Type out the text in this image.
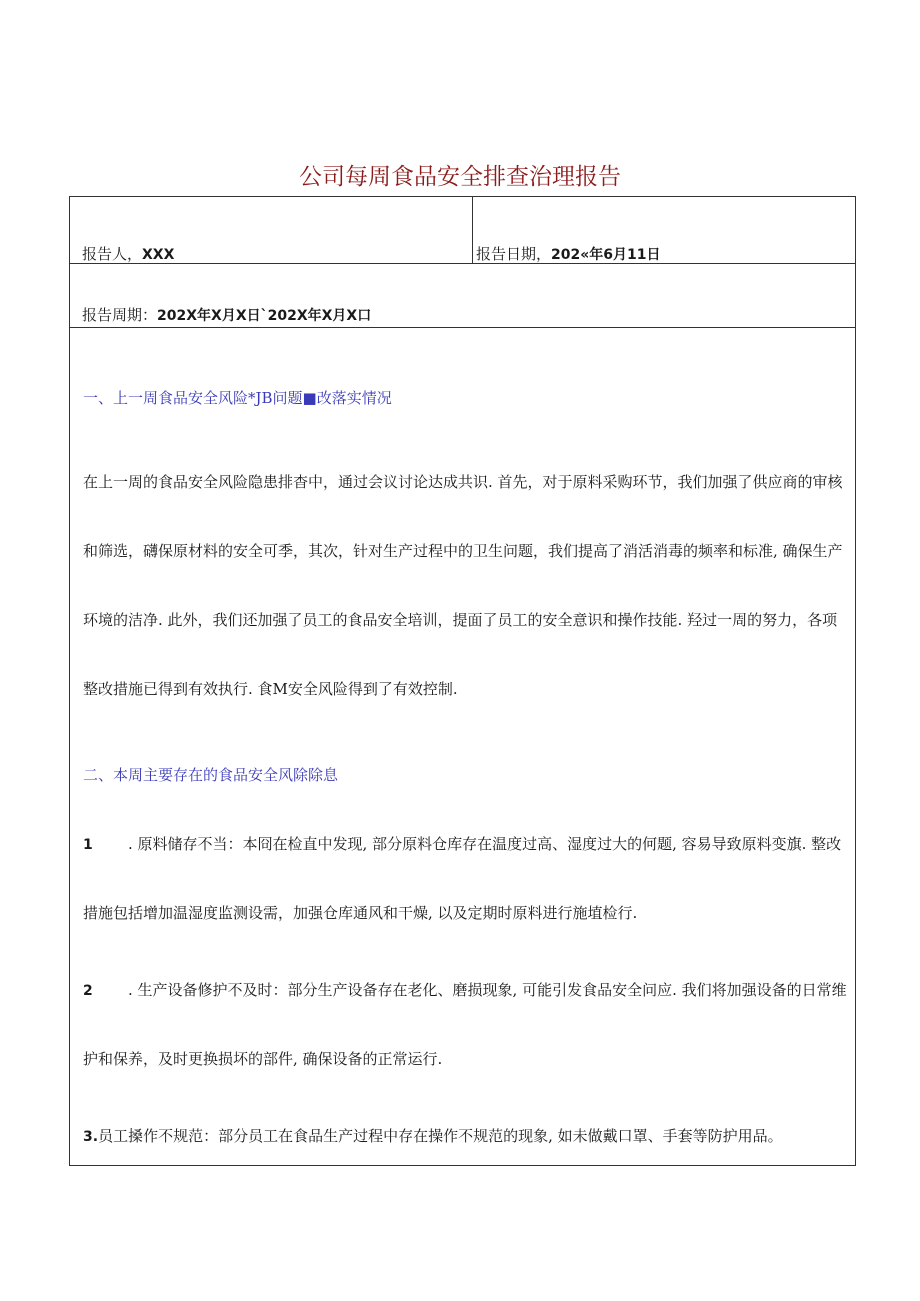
公司每周食品安全排查治理报告
报告人，XXX	报告日期，202«年6月11日
报告周期：202X年X月X日`202X年X月X口
一、上一周食品安全风险*JB问题■改落实情况
在上一周的食品安全风险隐患排杳中，通过会议讨论达成共识. 首先，对于原料采购环节，我们加强了供应商的审核
和筛选，礴保原材料的安全可季，其次，针对生产过程中的卫生问题，我们提高了消活消毒的频率和标准, 确保生产
环境的洁净. 此外，我们还加强了员工的食品安全培训，提面了员工的安全意识和操作技能. 羟过一周的努力，各项
整改措施已得到有效执行. 食M安全风险得到了有效控制.
二、本周主要存在的食品安全风除除息
1 . 原料储存不当：本冏在检直中发现, 部分原料仓库存在温度过高、湿度过大的何题, 容易导致原料变旗. 整改
措施包括增加温湿度监测设需，加强仓库通风和干燥, 以及定期时原料进行施埴检行.
2 . 生产设备修护不及时：部分生产设备存在老化、磨损现象, 可能引发食品安全问应. 我们将加强设备的日常维
护和保养，及时更换损坏的部件, 确保设备的正常运行.
3.员工搡作不规范：部分员工在食品生产过程中存在操作不规范的现象, 如未做戴口罩、手套等防护用品。
